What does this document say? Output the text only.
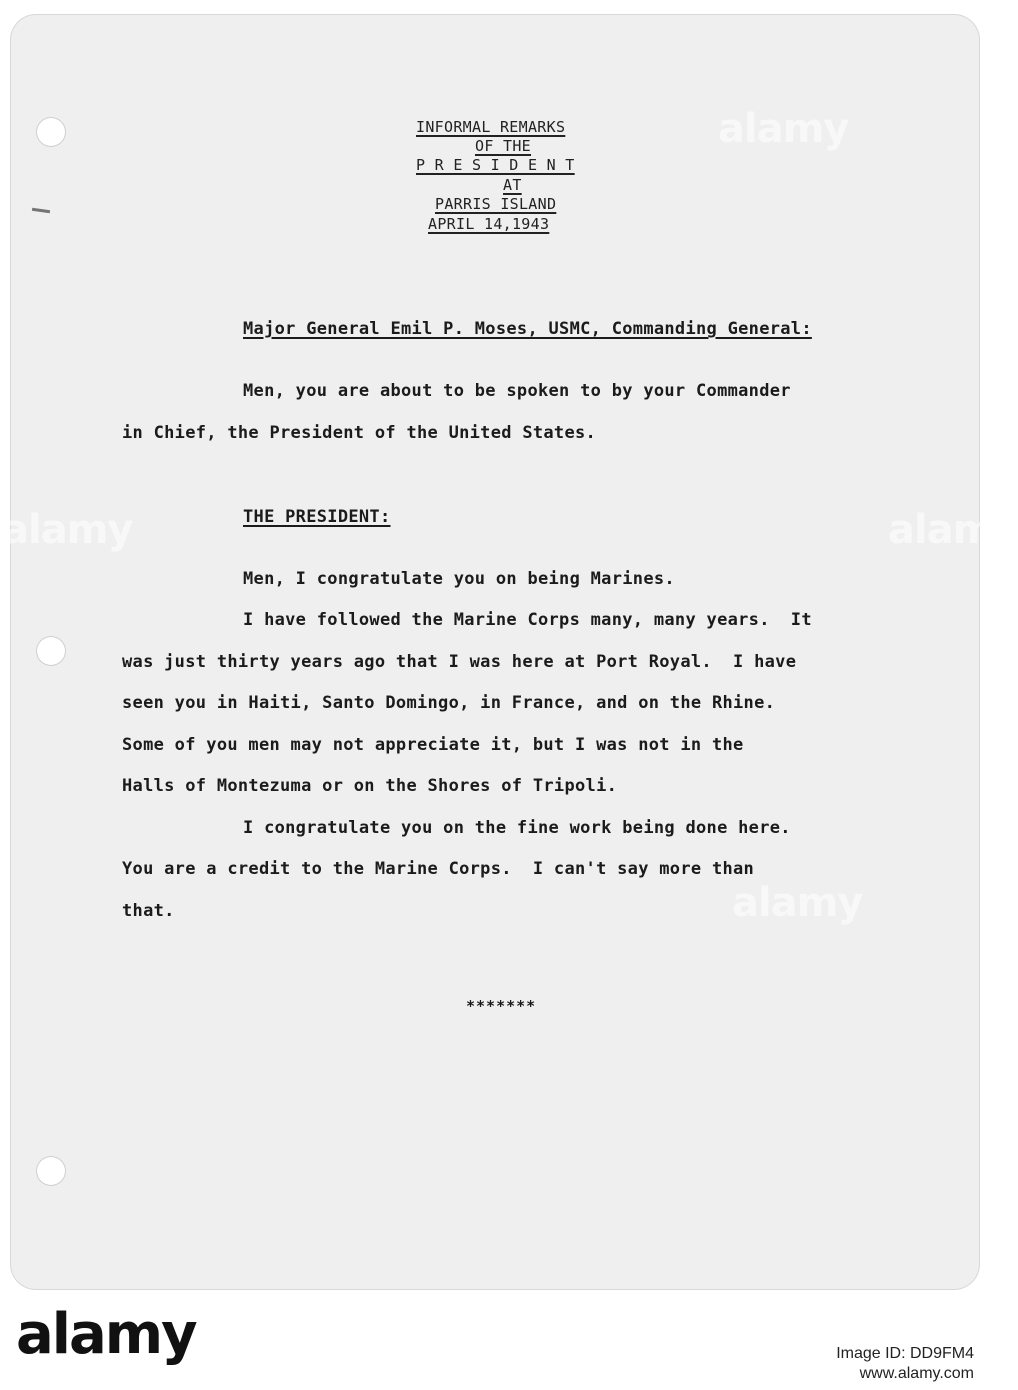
INFORMAL REMARKS
OF THE
P R E S I D E N T
AT
PARRIS ISLAND
APRIL 14,1943
Major General Emil P. Moses, USMC, Commanding General:
Men, you are about to be spoken to by your Commander
in Chief, the President of the United States.
THE PRESIDENT:
Men, I congratulate you on being Marines.
I have followed the Marine Corps many, many years.  It
was just thirty years ago that I was here at Port Royal.  I have
seen you in Haiti, Santo Domingo, in France, and on the Rhine.
Some of you men may not appreciate it, but I was not in the
Halls of Montezuma or on the Shores of Tripoli.
I congratulate you on the fine work being done here.
You are a credit to the Marine Corps.  I can't say more than
that.
*******
alamy
alamy	alamy
alamy
alamy	Image ID: DD9FM4
www.alamy.com
